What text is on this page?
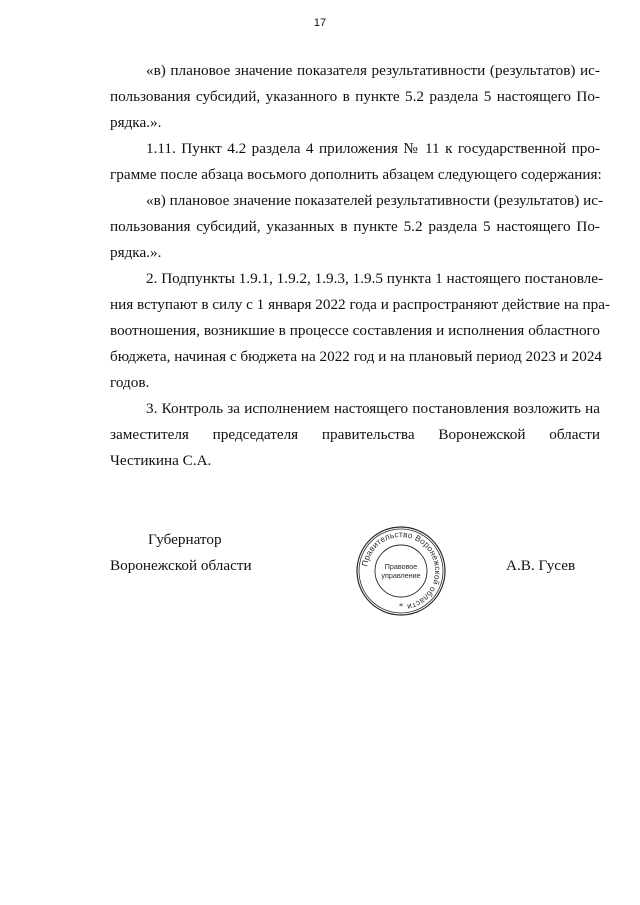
17
«в) плановое значение показателя результативности (результатов) ис-
пользования субсидий, указанного в пункте 5.2 раздела 5 настоящего По-
рядка.».
1.11. Пункт 4.2 раздела 4 приложения № 11 к государственной про-
грамме после абзаца восьмого дополнить абзацем следующего содержания:
«в) плановое значение показателей результативности (результатов) ис-
пользования субсидий, указанных в пункте 5.2 раздела 5 настоящего По-
рядка.».
2. Подпункты 1.9.1, 1.9.2, 1.9.3, 1.9.5 пункта 1 настоящего постановле-
ния вступают в силу с 1 января 2022 года и распространяют действие на пра-
воотношения, возникшие в процессе составления и исполнения областного
бюджета, начиная с бюджета на 2022 год и на плановый период 2023 и 2024
годов.
3. Контроль за исполнением настоящего постановления возложить на
заместителя председателя правительства Воронежской области
Честикина С.А.
Губернатор
Воронежской области	А.В. Гусев
Правительство Воронежской области
Правовое
управление
*
